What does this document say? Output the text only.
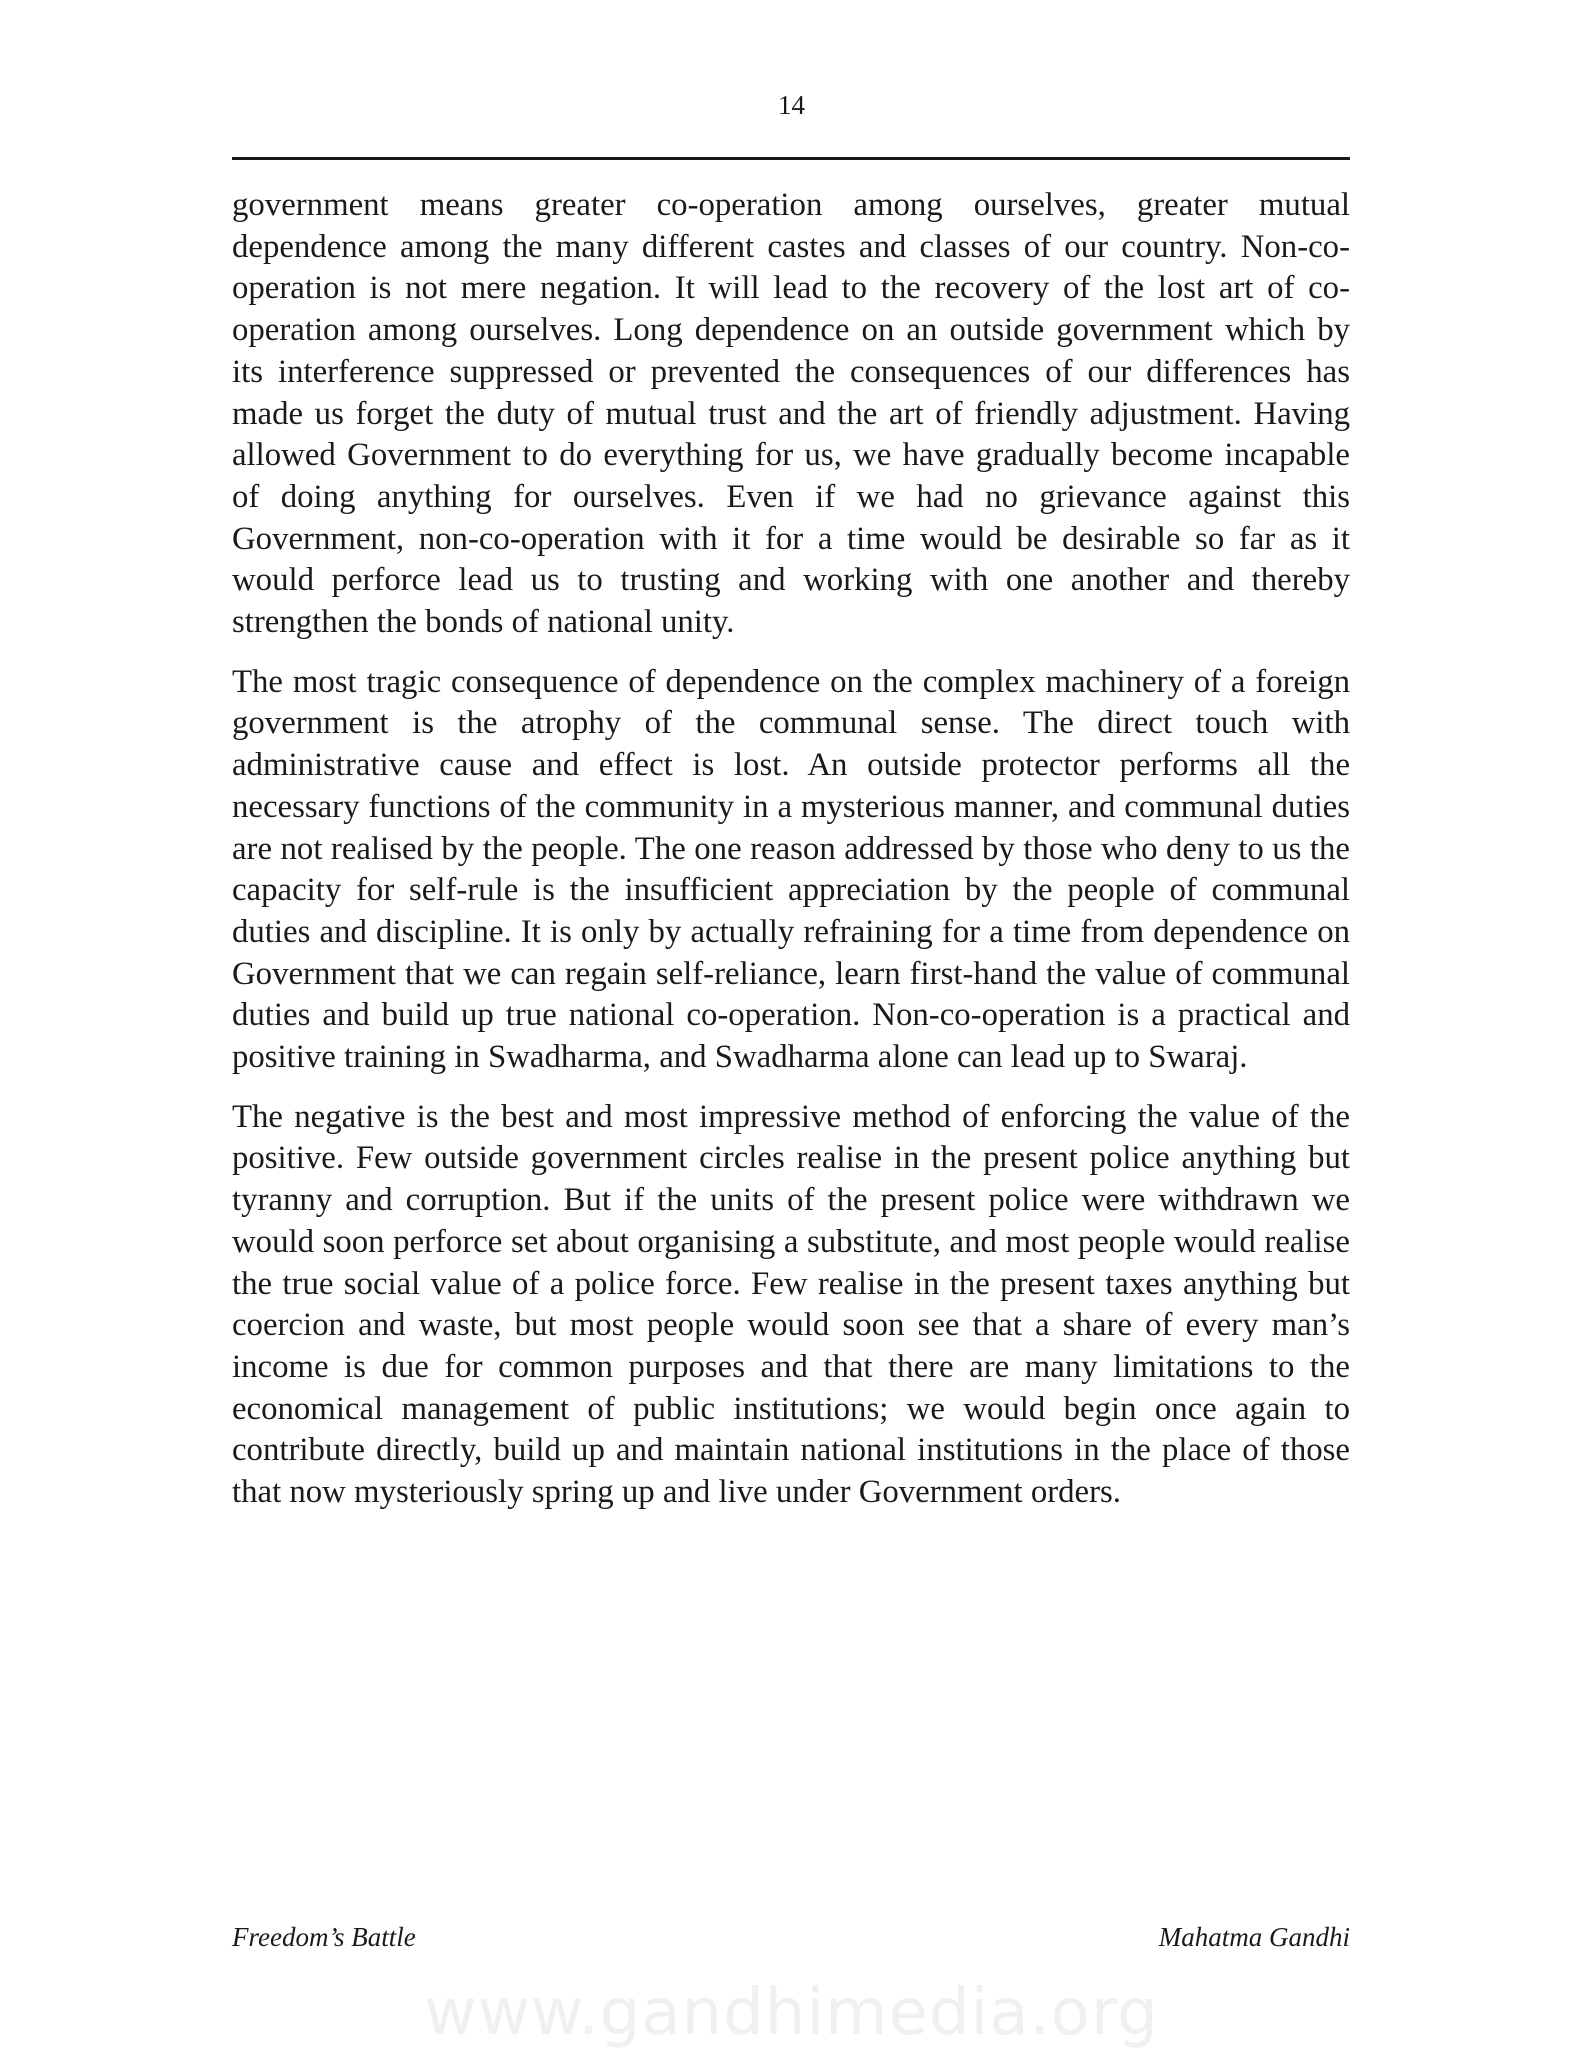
14

government means greater co-operation among ourselves, greater mutual dependence among the many different castes and classes of our country. Non-co-operation is not mere negation. It will lead to the recovery of the lost art of co-operation among ourselves. Long dependence on an outside government which by its interference suppressed or prevented the consequences of our differences has made us forget the duty of mutual trust and the art of friendly adjustment. Having allowed Government to do everything for us, we have gradually become incapable of doing anything for ourselves. Even if we had no grievance against this Government, non-co-operation with it for a time would be desirable so far as it would perforce lead us to trusting and working with one another and thereby strengthen the bonds of national unity.

The most tragic consequence of dependence on the complex machinery of a foreign government is the atrophy of the communal sense. The direct touch with administrative cause and effect is lost. An outside protector performs all the necessary functions of the community in a mysterious manner, and communal duties are not realised by the people. The one reason addressed by those who deny to us the capacity for self-rule is the insufficient appreciation by the people of communal duties and discipline. It is only by actually refraining for a time from dependence on Government that we can regain self-reliance, learn first-hand the value of communal duties and build up true national co-operation. Non-co-operation is a practical and positive training in Swadharma, and Swadharma alone can lead up to Swaraj.

The negative is the best and most impressive method of enforcing the value of the positive. Few outside government circles realise in the present police anything but tyranny and corruption. But if the units of the present police were withdrawn we would soon perforce set about organising a substitute, and most people would realise the true social value of a police force. Few realise in the present taxes anything but coercion and waste, but most people would soon see that a share of every man’s income is due for common purposes and that there are many limitations to the economical management of public institutions; we would begin once again to contribute directly, build up and maintain national institutions in the place of those that now mysteriously spring up and live under Government orders.

Freedom’s Battle	Mahatma Gandhi
www.gandhimedia.org
